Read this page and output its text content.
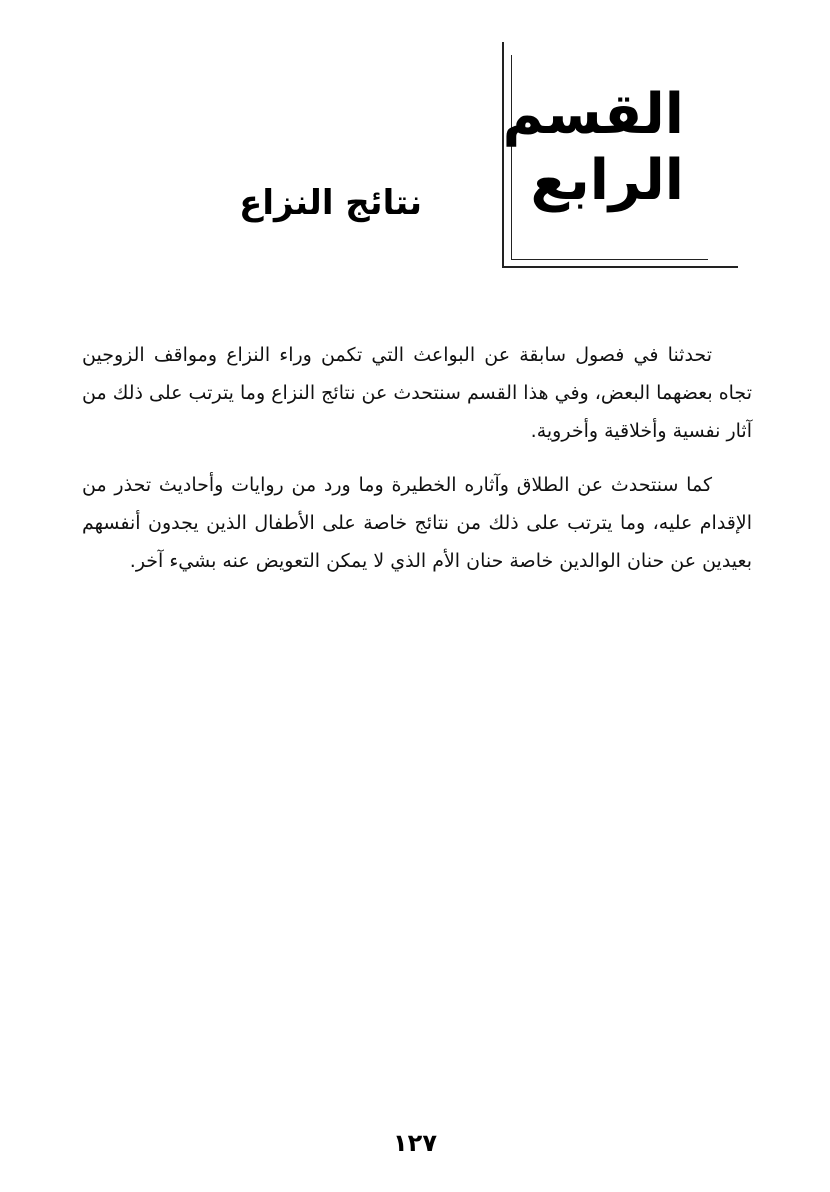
القسم
الرابع
نتائج النزاع

تحدثنا في فصول سابقة عن البواعث التي تكمن وراء النزاع ومواقف الزوجين تجاه بعضهما البعض، وفي هذا القسم سنتحدث عن نتائج النزاع وما يترتب على ذلك من آثار نفسية وأخلاقية وأخروية.

كما سنتحدث عن الطلاق وآثاره الخطيرة وما ورد من روايات وأحاديث تحذر من الإقدام عليه، وما يترتب على ذلك من نتائج خاصة على الأطفال الذين يجدون أنفسهم بعيدين عن حنان الوالدين خاصة حنان الأم الذي لا يمكن التعويض عنه بشيء آخر.

١٢٧
